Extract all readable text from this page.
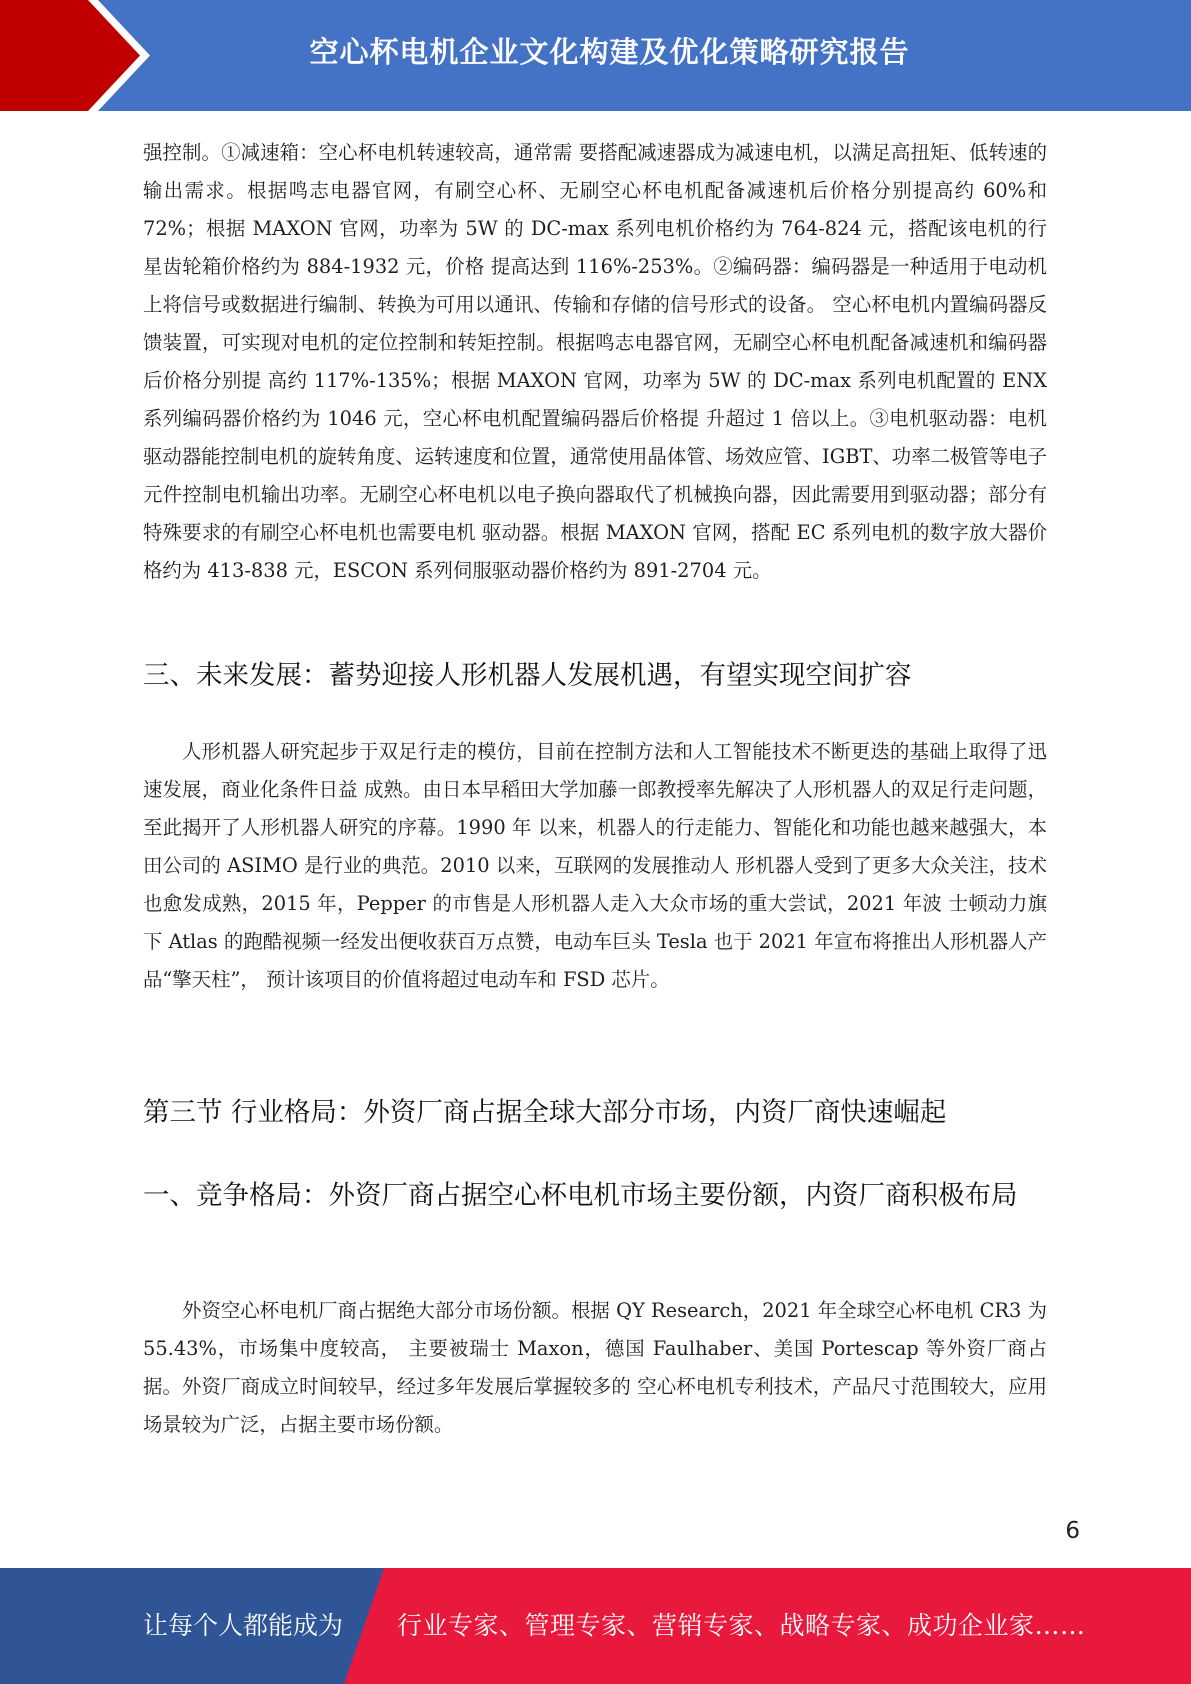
空心杯电机企业文化构建及优化策略研究报告

强控制。①减速箱：空心杯电机转速较高，通常需 要搭配减速器成为减速电机，以满足高扭矩、低转速的输出需求。根据鸣志电器官网，有刷空心杯、无刷空心杯电机配备减速机后价格分别提高约 60%和 72%；根据 MAXON 官网，功率为 5W 的 DC-max 系列电机价格约为 764-824 元，搭配该电机的行星齿轮箱价格约为 884-1932 元，价格 提高达到 116%-253%。②编码器：编码器是一种适用于电动机上将信号或数据进行编制、转换为可用以通讯、传输和存储的信号形式的设备。 空心杯电机内置编码器反馈装置，可实现对电机的定位控制和转矩控制。根据鸣志电器官网，无刷空心杯电机配备减速机和编码器后价格分别提 高约 117%-135%；根据 MAXON 官网，功率为 5W 的 DC-max 系列电机配置的 ENX 系列编码器价格约为 1046 元，空心杯电机配置编码器后价格提 升超过 1 倍以上。③电机驱动器：电机驱动器能控制电机的旋转角度、运转速度和位置，通常使用晶体管、场效应管、IGBT、功率二极管等电子 元件控制电机输出功率。无刷空心杯电机以电子换向器取代了机械换向器，因此需要用到驱动器；部分有特殊要求的有刷空心杯电机也需要电机 驱动器。根据 MAXON 官网，搭配 EC 系列电机的数字放大器价格约为 413-838 元，ESCON 系列伺服驱动器价格约为 891-2704 元。

三、未来发展：蓄势迎接人形机器人发展机遇，有望实现空间扩容

人形机器人研究起步于双足行走的模仿，目前在控制方法和人工智能技术不断更迭的基础上取得了迅速发展，商业化条件日益 成熟。由日本早稻田大学加藤一郎教授率先解决了人形机器人的双足行走问题，至此揭开了人形机器人研究的序幕。1990 年 以来，机器人的行走能力、智能化和功能也越来越强大，本田公司的 ASIMO 是行业的典范。2010 以来，互联网的发展推动人 形机器人受到了更多大众关注，技术也愈发成熟，2015 年，Pepper 的市售是人形机器人走入大众市场的重大尝试，2021 年波 士顿动力旗下 Atlas 的跑酷视频一经发出便收获百万点赞，电动车巨头 Tesla 也于 2021 年宣布将推出人形机器人产品“擎天柱”， 预计该项目的价值将超过电动车和 FSD 芯片。

第三节 行业格局：外资厂商占据全球大部分市场，内资厂商快速崛起
一、竞争格局：外资厂商占据空心杯电机市场主要份额，内资厂商积极布局

外资空心杯电机厂商占据绝大部分市场份额。根据 QY Research，2021 年全球空心杯电机 CR3 为 55.43%，市场集中度较高， 主要被瑞士 Maxon，德国 Faulhaber、美国 Portescap 等外资厂商占据。外资厂商成立时间较早，经过多年发展后掌握较多的 空心杯电机专利技术，产品尺寸范围较大，应用场景较为广泛，占据主要市场份额。

6
让每个人都能成为 行业专家、管理专家、营销专家、战略专家、成功企业家……
